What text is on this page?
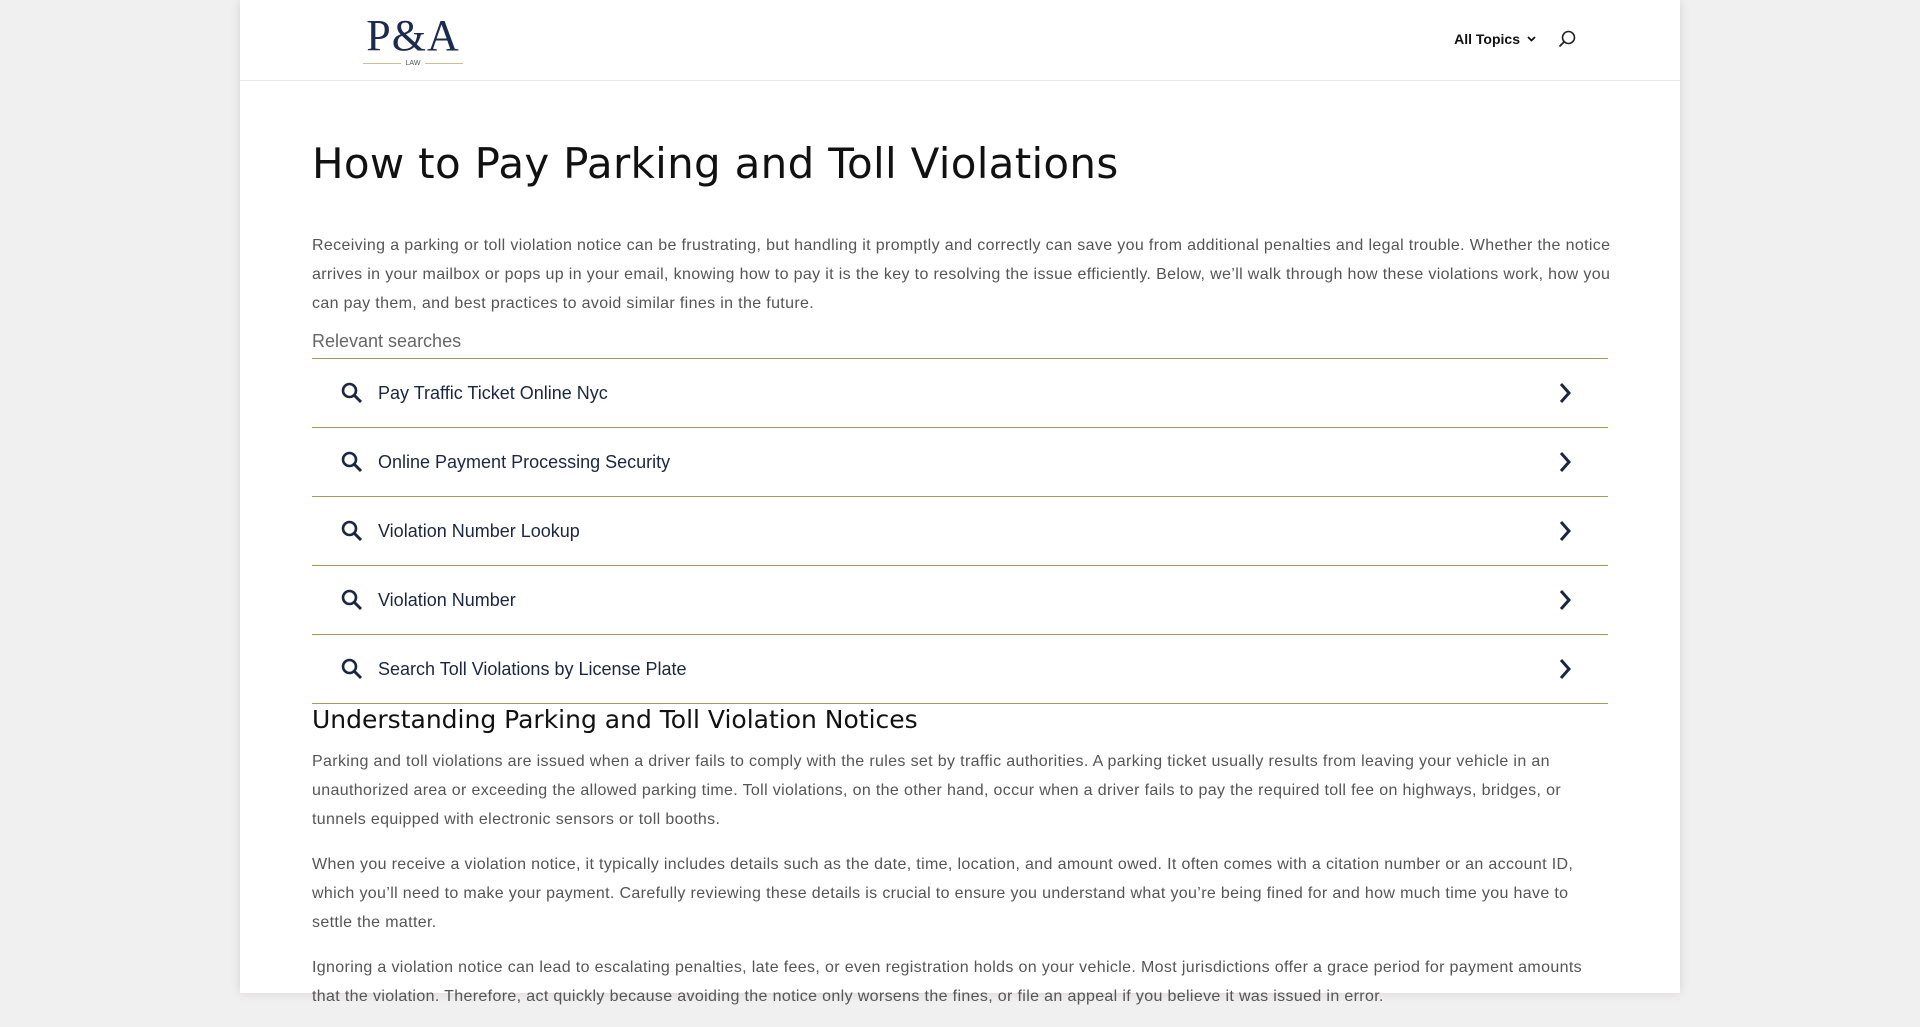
P&A
LAW
All Topics
How to Pay Parking and Toll Violations

Receiving a parking or toll violation notice can be frustrating, but handling it promptly and correctly can save you from additional penalties and legal trouble. Whether the notice arrives in your mailbox or pops up in your email, knowing how to pay it is the key to resolving the issue efficiently. Below, we’ll walk through how these violations work, how you can pay them, and best practices to avoid similar fines in the future.

Relevant searches
Pay Traffic Ticket Online Nyc
Online Payment Processing Security
Violation Number Lookup
Violation Number
Search Toll Violations by License Plate
Understanding Parking and Toll Violation Notices

Parking and toll violations are issued when a driver fails to comply with the rules set by traffic authorities. A parking ticket usually results from leaving your vehicle in an unauthorized area or exceeding the allowed parking time. Toll violations, on the other hand, occur when a driver fails to pay the required toll fee on highways, bridges, or tunnels equipped with electronic sensors or toll booths.

When you receive a violation notice, it typically includes details such as the date, time, location, and amount owed. It often comes with a citation number or an account ID, which you’ll need to make your payment. Carefully reviewing these details is crucial to ensure you understand what you’re being fined for and how much time you have to settle the matter.

Ignoring a violation notice can lead to escalating penalties, late fees, or even registration holds on your vehicle. Most jurisdictions offer a grace period for payment amounts that the violation. Therefore, act quickly because avoiding the notice only worsens the fines, or file an appeal if you believe it was issued in error.
